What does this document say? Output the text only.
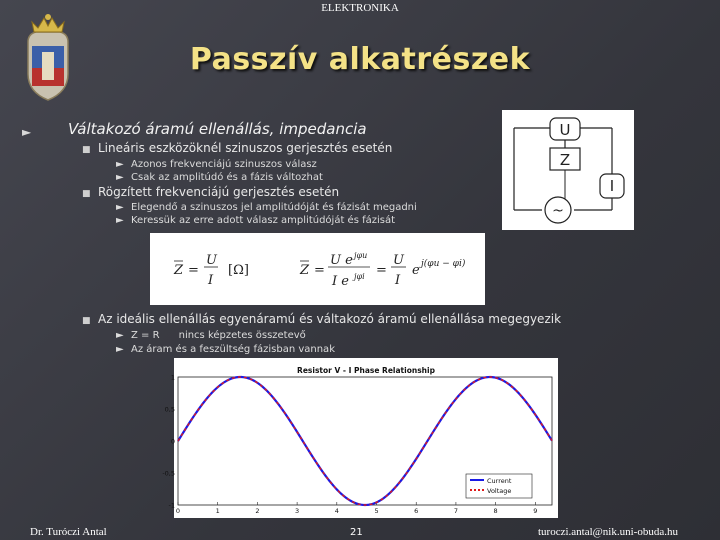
ELEKTRONIKA
Passzív alkatrészek
► Váltakozó áramú ellenállás, impedancia
■ Lineáris eszközöknél szinuszos gerjesztés esetén
► Azonos frekvenciájú szinuszos válasz
► Csak az amplitúdó és a fázis változhat
■ Rögzített frekvenciájú gerjesztés esetén
► Elegendő a szinuszos jel amplitúdóját és fázisát megadni
► Keressük az erre adott válasz amplitúdóját és fázisát
U
Z
I
~
Z =
U
I
[Ω]	Z =
U e jφu
I e jφi =
U
I
e j(φu − φi)
■ Az ideális ellenállás egyenáramú és váltakozó áramú ellenállása megegyezik
► Z = R      nincs képzetes összetevő
► Az áram és a feszültség fázisban vannak
Resistor V - I Phase Relationship
0	1	2	3	4	5	6	7	8	9
1
0,5
0
-0,5
-1
Current
Voltage
Dr. Turóczi Antal	21	turoczi.antal@nik.uni-obuda.hu
